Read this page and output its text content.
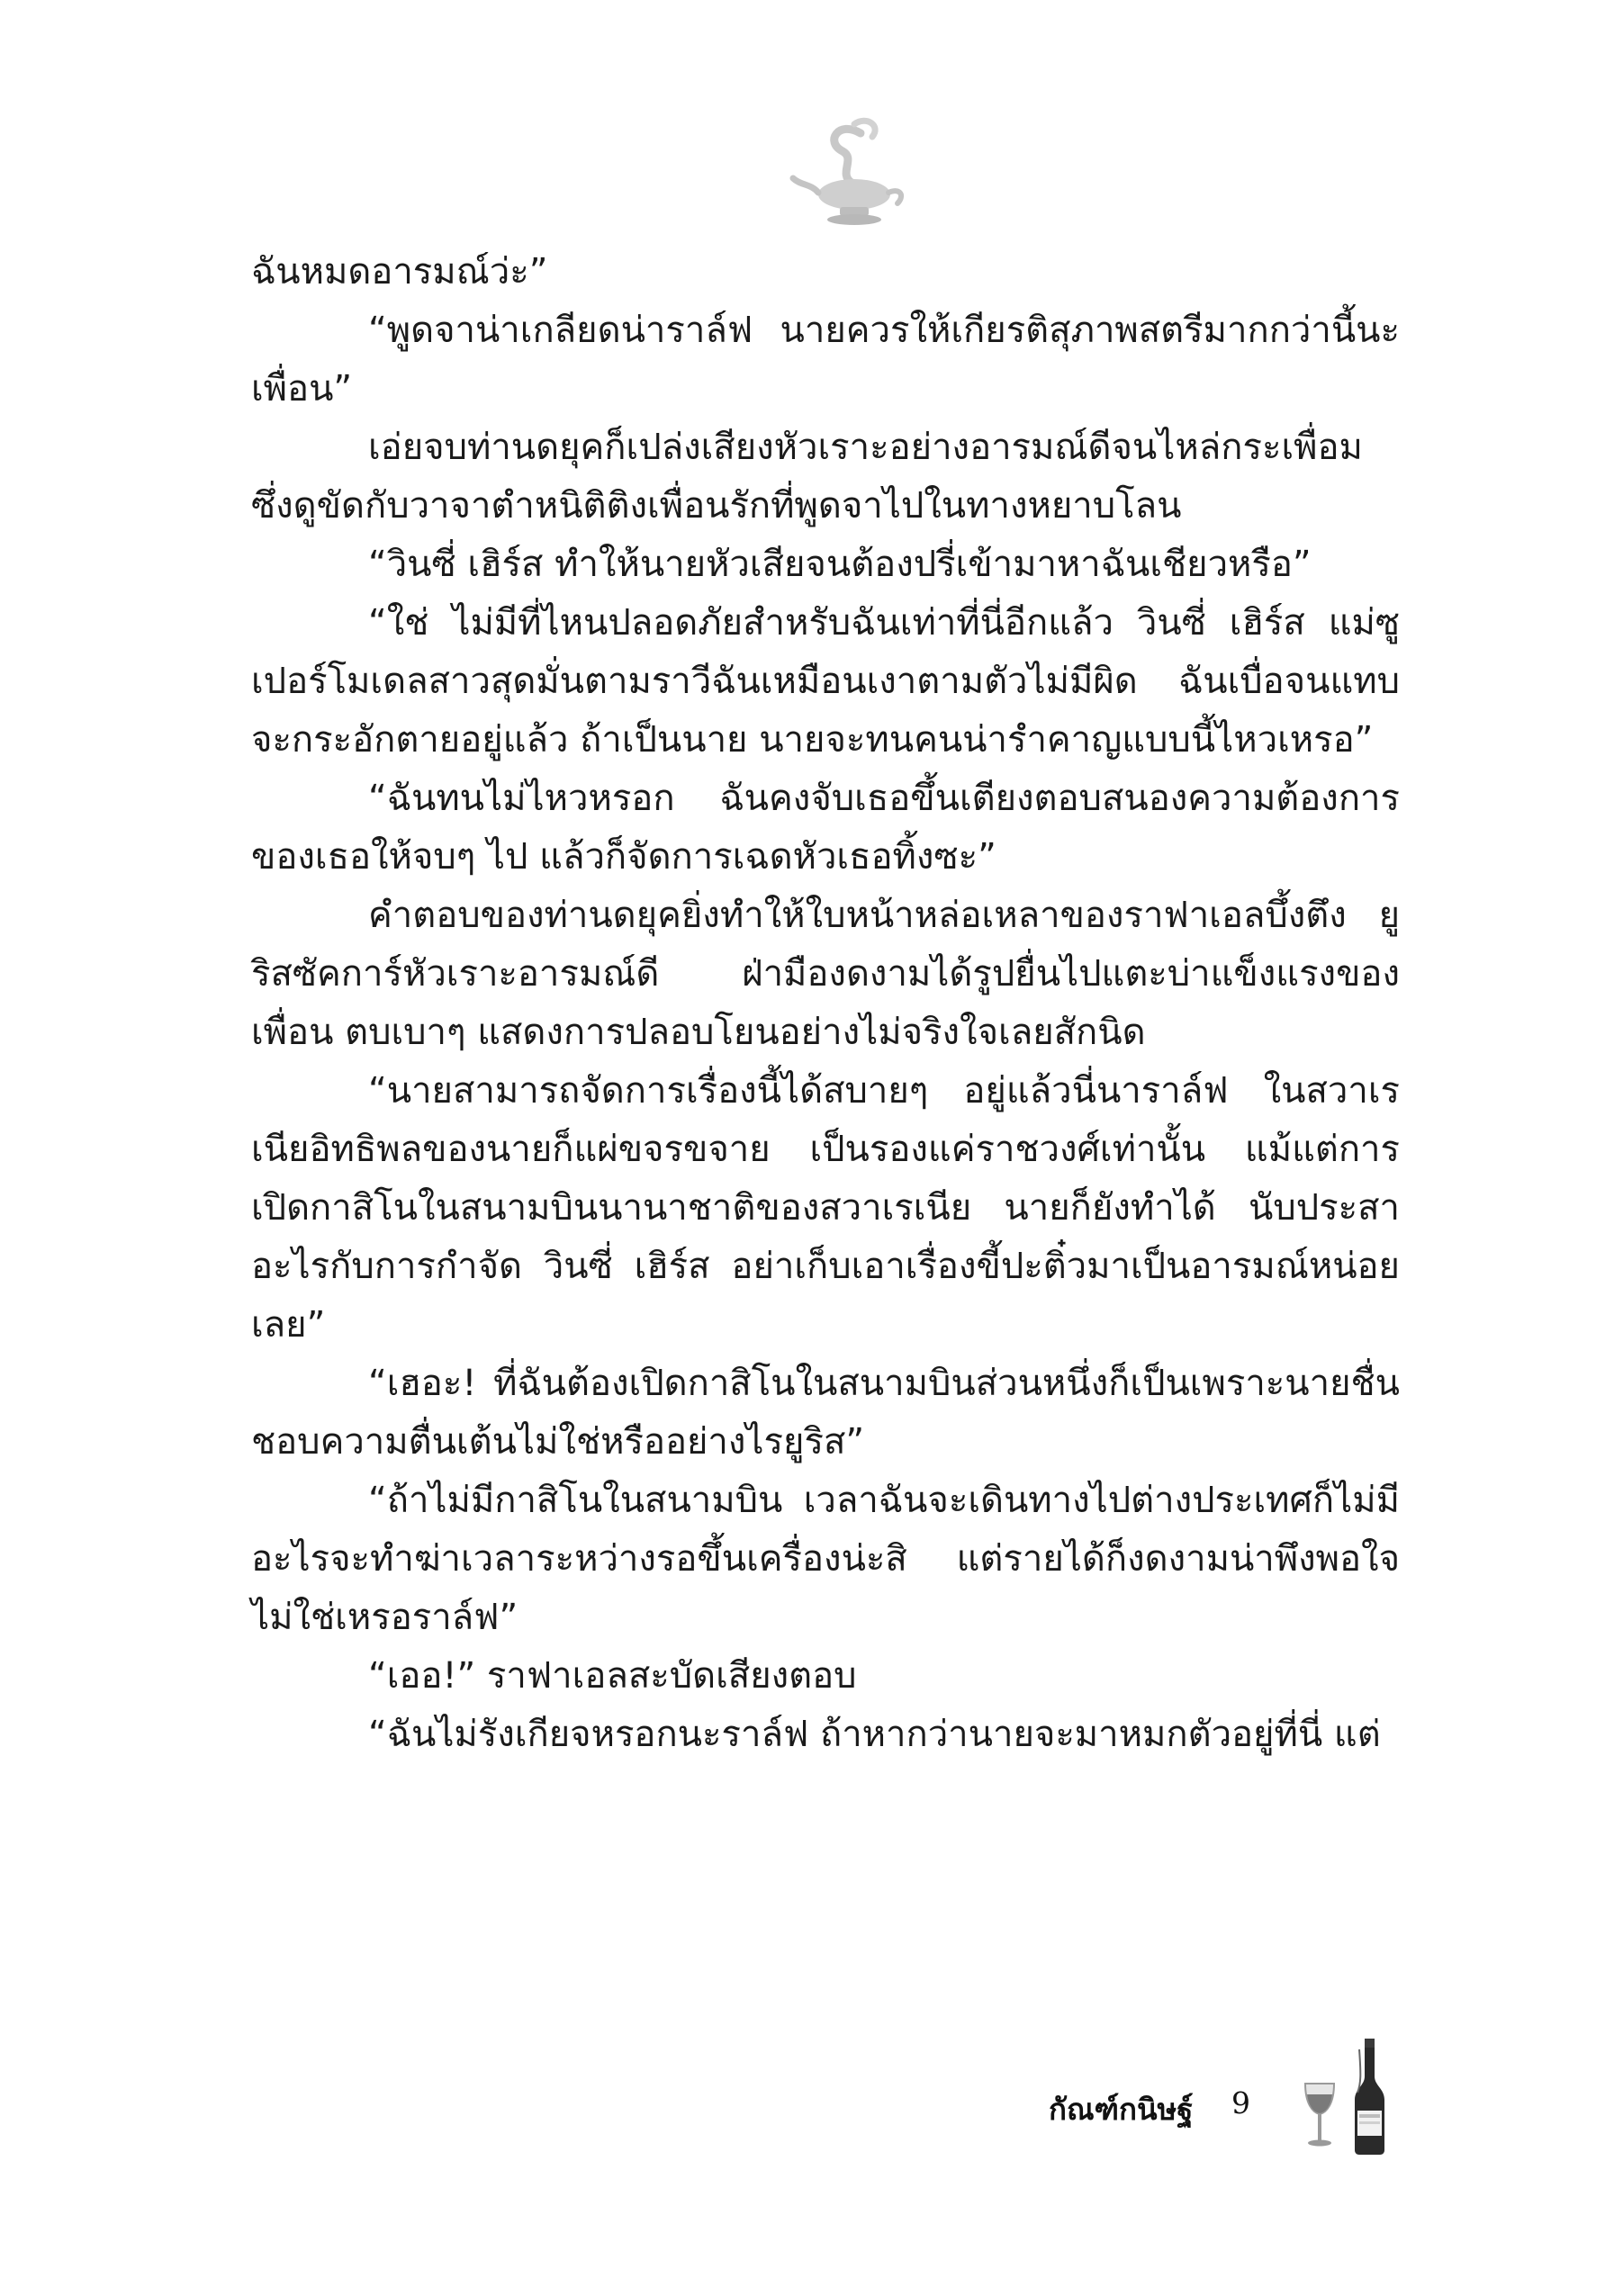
ฉันหมดอารมณ์ว่ะ”

“พูดจาน่าเกลียดน่าราล์ฟ นายควรให้เกียรติสุภาพสตรีมากกว่านี้นะเพื่อน”

เอ่ยจบท่านดยุคก็เปล่งเสียงหัวเราะอย่างอารมณ์ดีจนไหล่กระเพื่อม ซึ่งดูขัดกับวาจาตำหนิติติงเพื่อนรักที่พูดจาไปในทางหยาบโลน

“วินซี่ เฮิร์ส ทำให้นายหัวเสียจนต้องปรี่เข้ามาหาฉันเชียวหรือ”

“ใช่ ไม่มีที่ไหนปลอดภัยสำหรับฉันเท่าที่นี่อีกแล้ว วินซี่ เฮิร์ส แม่ซูเปอร์โมเดลสาวสุดมั่นตามราวีฉันเหมือนเงาตามตัวไม่มีผิด ฉันเบื่อจนแทบจะกระอักตายอยู่แล้ว ถ้าเป็นนาย นายจะทนคนน่ารำคาญแบบนี้ไหวเหรอ”

“ฉันทนไม่ไหวหรอก ฉันคงจับเธอขึ้นเตียงตอบสนองความต้องการของเธอให้จบๆ ไป แล้วก็จัดการเฉดหัวเธอทิ้งซะ”

คำตอบของท่านดยุคยิ่งทำให้ใบหน้าหล่อเหลาของราฟาเอลบึ้งตึง ยูริสซัคการ์หัวเราะอารมณ์ดี ฝ่ามืองดงามได้รูปยื่นไปแตะบ่าแข็งแรงของเพื่อน ตบเบาๆ แสดงการปลอบโยนอย่างไม่จริงใจเลยสักนิด

“นายสามารถจัดการเรื่องนี้ได้สบายๆ อยู่แล้วนี่นาราล์ฟ ในสวาเรเนียอิทธิพลของนายก็แผ่ขจรขจาย เป็นรองแค่ราชวงศ์เท่านั้น แม้แต่การเปิดกาสิโนในสนามบินนานาชาติของสวาเรเนีย นายก็ยังทำได้ นับประสาอะไรกับการกำจัด วินซี่ เฮิร์ส อย่าเก็บเอาเรื่องขี้ปะติ๋วมาเป็นอารมณ์หน่อยเลย”

“เฮอะ! ที่ฉันต้องเปิดกาสิโนในสนามบินส่วนหนึ่งก็เป็นเพราะนายชื่นชอบความตื่นเต้นไม่ใช่หรืออย่างไรยูริส”

“ถ้าไม่มีกาสิโนในสนามบิน เวลาฉันจะเดินทางไปต่างประเทศก็ไม่มีอะไรจะทำฆ่าเวลาระหว่างรอขึ้นเครื่องน่ะสิ แต่รายได้ก็งดงามน่าพึงพอใจไม่ใช่เหรอราล์ฟ”

“เออ!” ราฟาเอลสะบัดเสียงตอบ

“ฉันไม่รังเกียจหรอกนะราล์ฟ ถ้าหากว่านายจะมาหมกตัวอยู่ที่นี่ แต่

กัณฑ์กนิษฐ์ 9
